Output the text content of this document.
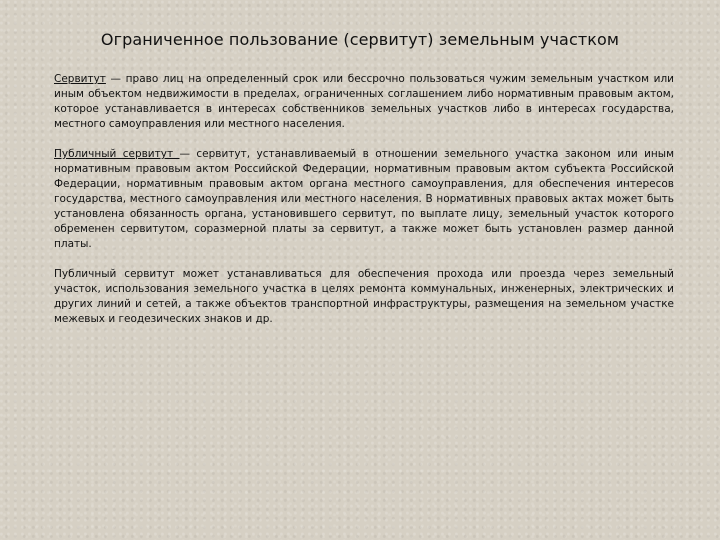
Ограниченное пользование (сервитут) земельным участком

Сервитут — право лиц на определенный срок или бессрочно пользоваться чужим земельным участком или иным объектом недвижимости в пределах, ограниченных соглашением либо нормативным правовым актом, которое устанавливается в интересах собственников земельных участков либо в интересах государства, местного самоуправления или местного населения.

Публичный сервитут — сервитут, устанавливаемый в отношении земельного участка законом или иным нормативным правовым актом Российской Федерации, нормативным правовым актом субъекта Российской Федерации, нормативным правовым актом органа местного самоуправления, для обеспечения интересов государства, местного самоуправления или местного населения. В нормативных правовых актах может быть установлена обязанность органа, установившего сервитут, по выплате лицу, земельный участок которого обременен сервитутом, соразмерной платы за сервитут, а также может быть установлен размер данной платы.

Публичный сервитут может устанавливаться для обеспечения прохода или проезда через земельный участок, использования земельного участка в целях ремонта коммунальных, инженерных, электрических и других линий и сетей, а также объектов транспортной инфраструктуры, размещения на земельном участке межевых и геодезических знаков и др.
